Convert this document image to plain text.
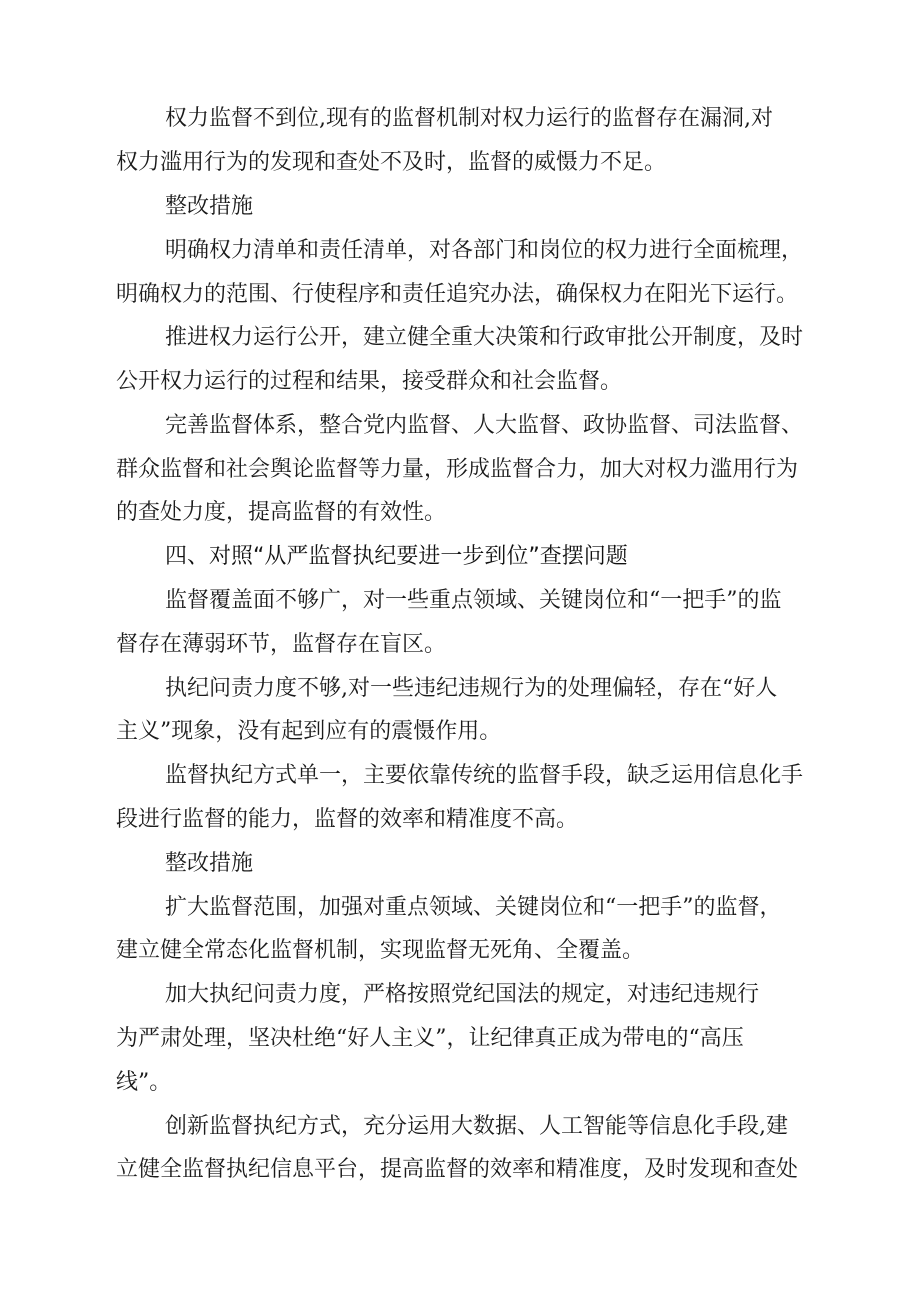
权力监督不到位,现有的监督机制对权力运行的监督存在漏洞,对

权力滥用行为的发现和查处不及时，监督的威慑力不足。

整改措施

明确权力清单和责任清单，对各部门和岗位的权力进行全面梳理，

明确权力的范围、行使程序和责任追究办法，确保权力在阳光下运行。

推进权力运行公开，建立健全重大决策和行政审批公开制度，及时

公开权力运行的过程和结果，接受群众和社会监督。

完善监督体系，整合党内监督、人大监督、政协监督、司法监督、

群众监督和社会舆论监督等力量，形成监督合力，加大对权力滥用行为

的查处力度，提高监督的有效性。

四、对照“从严监督执纪要进一步到位”查摆问题

监督覆盖面不够广，对一些重点领域、关键岗位和“一把手”的监

督存在薄弱环节，监督存在盲区。

执纪问责力度不够,对一些违纪违规行为的处理偏轻，存在“好人

主义”现象，没有起到应有的震慑作用。

监督执纪方式单一，主要依靠传统的监督手段，缺乏运用信息化手

段进行监督的能力，监督的效率和精准度不高。

整改措施

扩大监督范围，加强对重点领域、关键岗位和“一把手”的监督，

建立健全常态化监督机制，实现监督无死角、全覆盖。

加大执纪问责力度，严格按照党纪国法的规定，对违纪违规行

为严肃处理，坚决杜绝“好人主义”，让纪律真正成为带电的“高压

线”。

创新监督执纪方式，充分运用大数据、人工智能等信息化手段,建

立健全监督执纪信息平台，提高监督的效率和精准度，及时发现和查处
